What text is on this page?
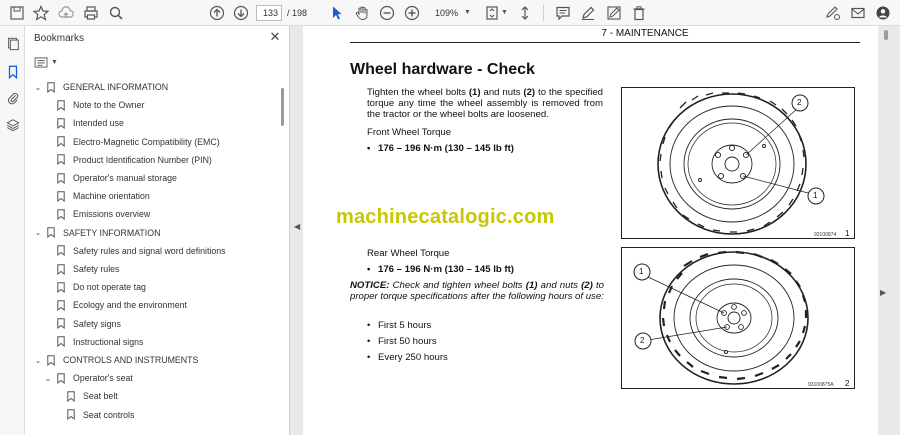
133	/ 198	109% ▼	▼
Bookmarks	✕
▼
⌄ GENERAL INFORMATION
Note to the Owner
Intended use
Electro-Magnetic Compatibility (EMC)
Product Identification Number (PIN)
Operator's manual storage
Machine orientation
Emissions overview
⌄ SAFETY INFORMATION
Safety rules and signal word definitions
Safety rules
Do not operate tag
Ecology and the environment
Safety signs
Instructional signs
⌄ CONTROLS AND INSTRUMENTS
⌄ Operator's seat
Seat belt
Seat controls
◀
▶
7 - MAINTENANCE
Wheel hardware - Check
Tighten the wheel bolts (1) and nuts (2) to the specified torque any time the wheel assembly is removed from the tractor or the wheel bolts are loosened.
Front Wheel Torque
• 176 – 196 N·m (130 – 145 lb ft)
machinecatalogic.com
Rear Wheel Torque
• 176 – 196 N·m (130 – 145 lb ft)
NOTICE: Check and tighten wheel bolts (1) and nuts (2) to proper torque specifications after the following hours of use:
• First 5 hours
• First 50 hours
• Every 250 hours
2
1
93100874 1
1
2
93100875A 2
